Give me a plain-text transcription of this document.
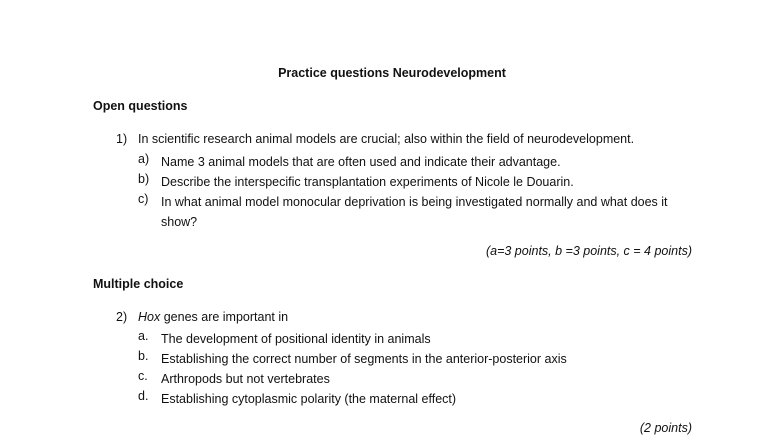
Practice questions Neurodevelopment
Open questions
1) In scientific research animal models are crucial; also within the field of neurodevelopment.
a) Name 3 animal models that are often used and indicate their advantage.
b) Describe the interspecific transplantation experiments of Nicole le Douarin.
c) In what animal model monocular deprivation is being investigated normally and what does it show?
(a=3 points, b =3 points, c = 4 points)
Multiple choice
2) Hox genes are important in
a. The development of positional identity in animals
b. Establishing the correct number of segments in the anterior-posterior axis
c. Arthropods but not vertebrates
d. Establishing cytoplasmic polarity (the maternal effect)
(2 points)
